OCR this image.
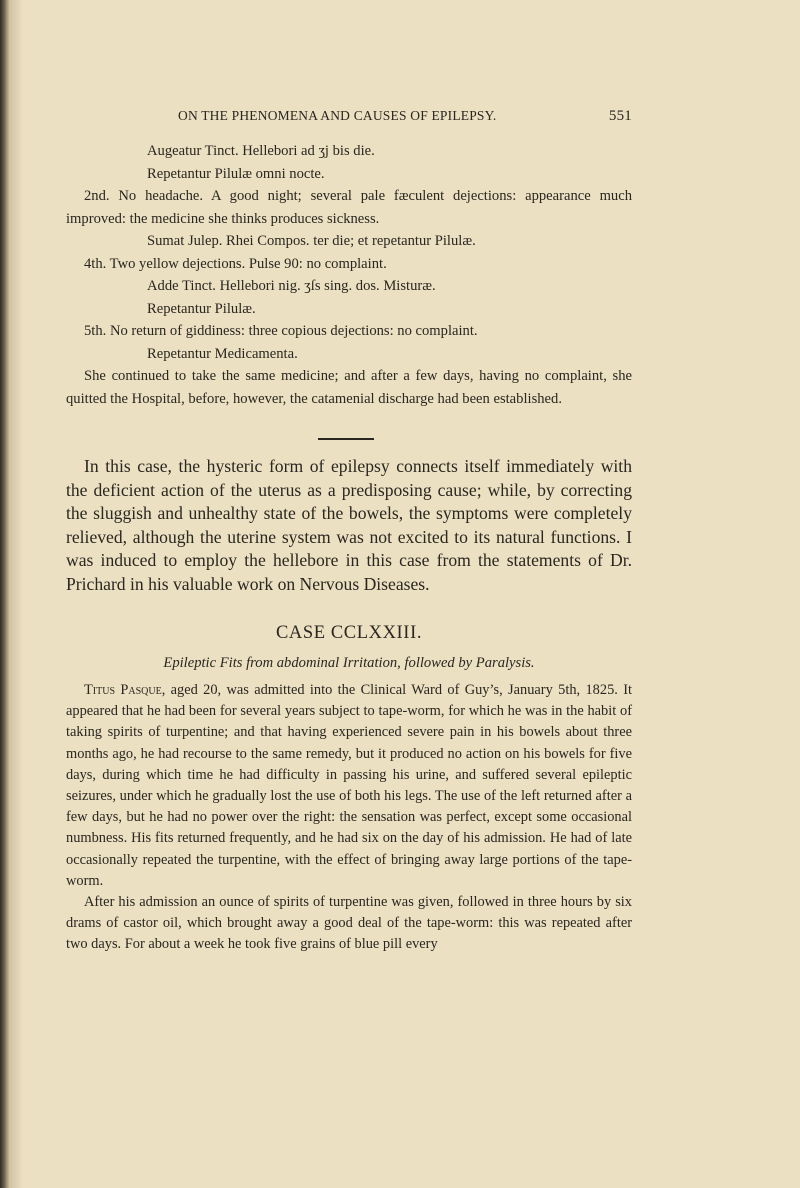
ON THE PHENOMENA AND CAUSES OF EPILEPSY.	551

Augeatur Tinct. Hellebori ad ʒj bis die.

Repetantur Pilulæ omni nocte.

2nd. No headache. A good night; several pale fæculent dejections: appearance much improved: the medicine she thinks produces sickness.

Sumat Julep. Rhei Compos. ter die; et repetantur Pilulæ.

4th. Two yellow dejections. Pulse 90: no complaint.

Adde Tinct. Hellebori nig. ʒſs sing. dos. Misturæ.

Repetantur Pilulæ.

5th. No return of giddiness: three copious dejections: no complaint.

Repetantur Medicamenta.

She continued to take the same medicine; and after a few days, having no complaint, she quitted the Hospital, before, however, the catamenial discharge had been established.

In this case, the hysteric form of epilepsy connects itself immediately with the deficient action of the uterus as a predisposing cause; while, by correcting the sluggish and unhealthy state of the bowels, the symptoms were completely relieved, although the uterine system was not excited to its natural functions. I was induced to employ the hellebore in this case from the statements of Dr. Prichard in his valuable work on Nervous Diseases.

CASE CCLXXIII.
Epileptic Fits from abdominal Irritation, followed by Paralysis.

Titus Pasque, aged 20, was admitted into the Clinical Ward of Guy’s, January 5th, 1825. It appeared that he had been for several years subject to tape-worm, for which he was in the habit of taking spirits of turpentine; and that having experienced severe pain in his bowels about three months ago, he had recourse to the same remedy, but it produced no action on his bowels for five days, during which time he had difficulty in passing his urine, and suffered several epileptic seizures, under which he gradually lost the use of both his legs. The use of the left returned after a few days, but he had no power over the right: the sensation was perfect, except some occasional numbness. His fits returned frequently, and he had six on the day of his admission. He had of late occasionally repeated the turpentine, with the effect of bringing away large portions of the tape-worm.

After his admission an ounce of spirits of turpentine was given, followed in three hours by six drams of castor oil, which brought away a good deal of the tape-worm: this was repeated after two days. For about a week he took five grains of blue pill every
